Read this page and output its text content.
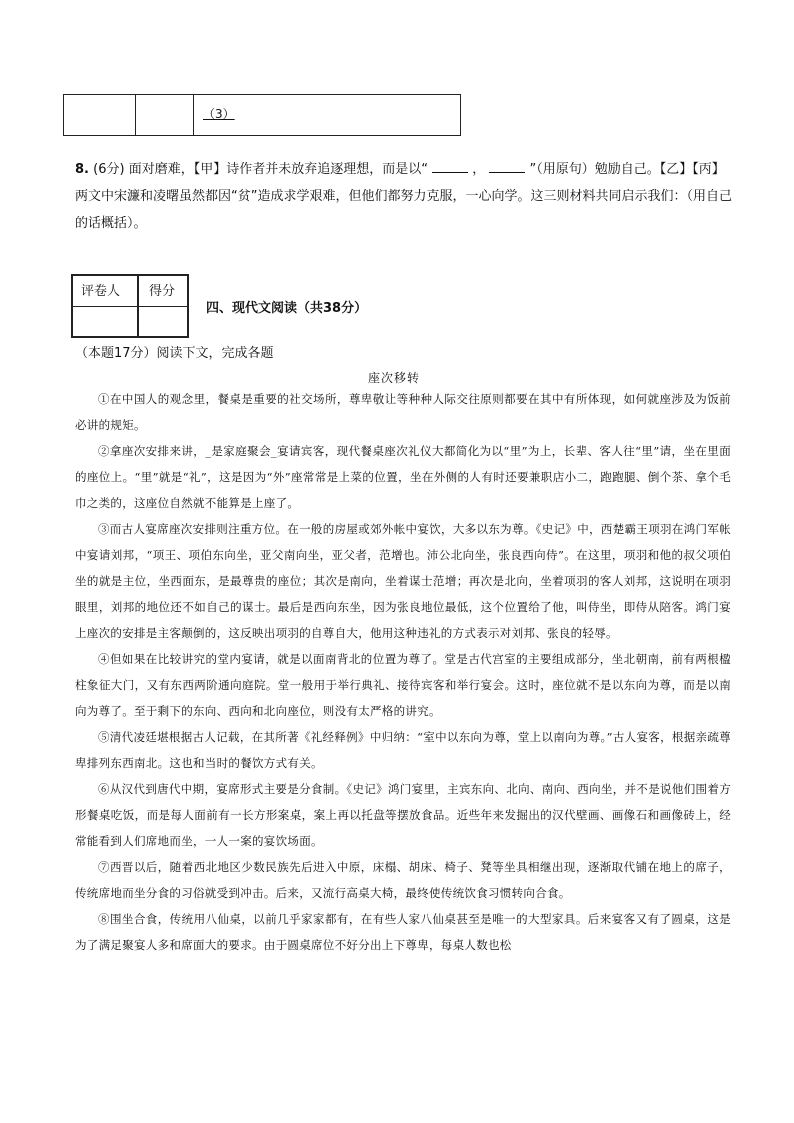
（3）
8. (6分) 面对磨难，【甲】诗作者并未放弃追逐理想，而是以“	，	”（用原句）勉励自己。【乙】【丙】两文中宋濂和凌曙虽然都因“贫”造成求学艰难，但他们都努力克服，一心向学。这三则材料共同启示我们：（用自己的话概括）。
评卷人 得分
四、现代文阅读（共38分）
（本题17分）阅读下文，完成各题
座次移转

①在中国人的观念里，餐桌是重要的社交场所，尊卑敬让等种种人际交往原则都要在其中有所体现，如何就座涉及为饭前必讲的规矩。

②拿座次安排来讲，_是家庭聚会_宴请宾客，现代餐桌座次礼仪大都简化为以“里”为上，长辈、客人往“里”请，坐在里面的座位上。“里”就是“礼”，这是因为“外”座常常是上菜的位置，坐在外侧的人有时还要兼职店小二，跑跑腿、倒个茶、拿个毛巾之类的，这座位自然就不能算是上座了。

③而古人宴席座次安排则注重方位。在一般的房屋或郊外帐中宴饮，大多以东为尊。《史记》中，西楚霸王项羽在鸿门军帐中宴请刘邦，“项王、项伯东向坐，亚父南向坐，亚父者，范增也。沛公北向坐，张良西向侍”。在这里，项羽和他的叔父项伯坐的就是主位，坐西面东，是最尊贵的座位；其次是南向，坐着谋士范增；再次是北向，坐着项羽的客人刘邦，这说明在项羽眼里，刘邦的地位还不如自己的谋士。最后是西向东坐，因为张良地位最低，这个位置给了他，叫侍坐，即侍从陪客。鸿门宴上座次的安排是主客颠倒的，这反映出项羽的自尊自大，他用这种违礼的方式表示对刘邦、张良的轻辱。

④但如果在比较讲究的堂内宴请，就是以面南背北的位置为尊了。堂是古代宫室的主要组成部分，坐北朝南，前有两根楹柱象征大门，又有东西两阶通向庭院。堂一般用于举行典礼、接待宾客和举行宴会。这时，座位就不是以东向为尊，而是以南向为尊了。至于剩下的东向、西向和北向座位，则没有太严格的讲究。

⑤清代凌廷堪根据古人记载，在其所著《礼经释例》中归纳：“室中以东向为尊，堂上以南向为尊。”古人宴客，根据亲疏尊卑排列东西南北。这也和当时的餐饮方式有关。

⑥从汉代到唐代中期，宴席形式主要是分食制。《史记》鸿门宴里，主宾东向、北向、南向、西向坐，并不是说他们围着方形餐桌吃饭，而是每人面前有一长方形案桌，案上再以托盘等摆放食品。近些年来发掘出的汉代壁画、画像石和画像砖上，经常能看到人们席地而坐，一人一案的宴饮场面。

⑦西晋以后，随着西北地区少数民族先后进入中原，床榻、胡床、椅子、凳等坐具相继出现，逐渐取代铺在地上的席子，传统席地而坐分食的习俗就受到冲击。后来，又流行高桌大椅，最终使传统饮食习惯转向合食。

⑧围坐合食，传统用八仙桌，以前几乎家家都有，在有些人家八仙桌甚至是唯一的大型家具。后来宴客又有了圆桌，这是为了满足聚宴人多和席面大的要求。由于圆桌席位不好分出上下尊卑，每桌人数也松
